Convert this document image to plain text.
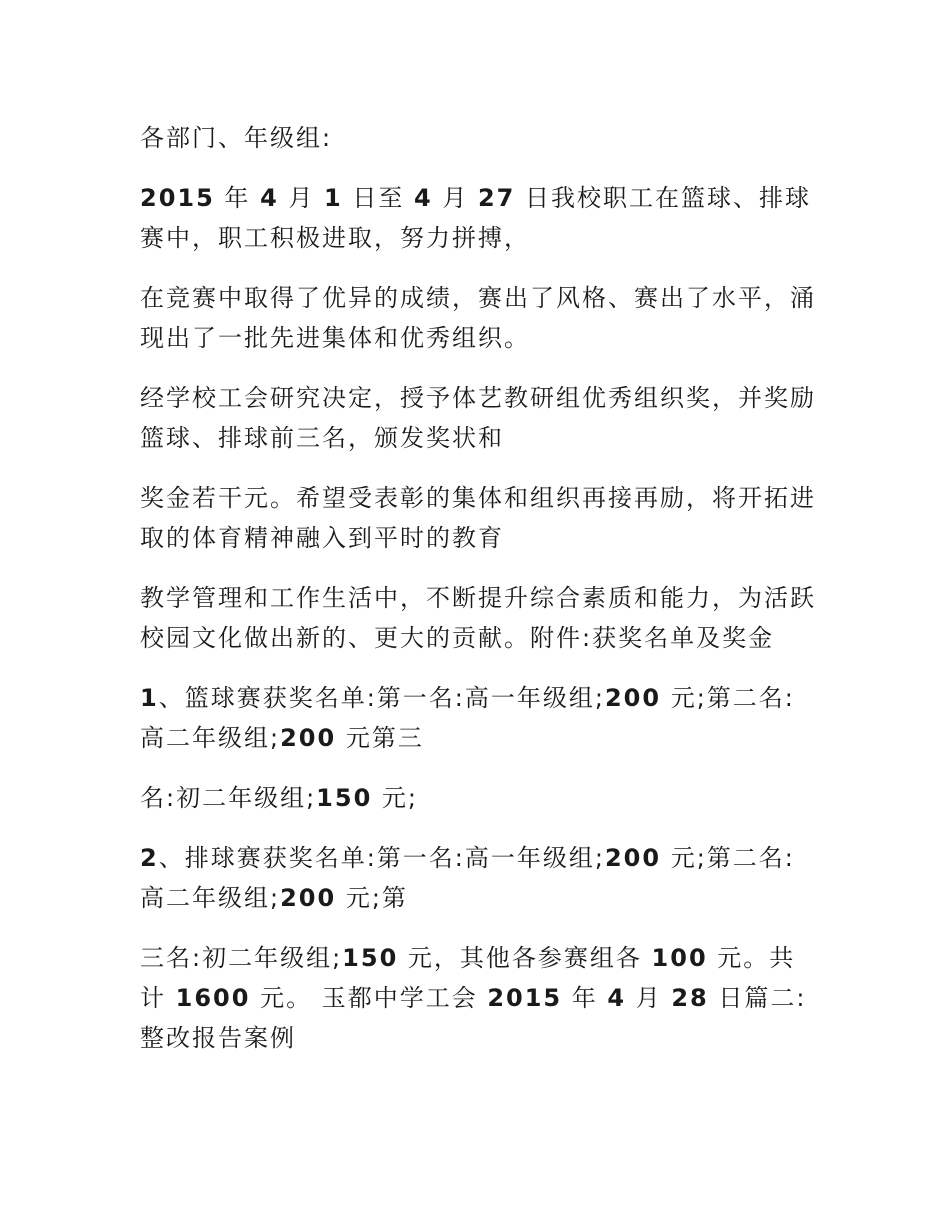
各部门、年级组:

2015 年 4 月 1 日至 4 月 27 日我校职工在篮球、排球赛中，职工积极进取，努力拼搏，

在竞赛中取得了优异的成绩，赛出了风格、赛出了水平，涌现出了一批先进集体和优秀组织。

经学校工会研究决定，授予体艺教研组优秀组织奖，并奖励篮球、排球前三名，颁发奖状和

奖金若干元。希望受表彰的集体和组织再接再励，将开拓进取的体育精神融入到平时的教育

教学管理和工作生活中，不断提升综合素质和能力，为活跃校园文化做出新的、更大的贡献。附件:获奖名单及奖金

1、篮球赛获奖名单:第一名:高一年级组;200 元;第二名:高二年级组;200 元第三

名:初二年级组;150 元;

2、排球赛获奖名单:第一名:高一年级组;200 元;第二名:高二年级组;200 元;第

三名:初二年级组;150 元，其他各参赛组各 100 元。共计 1600 元。 玉都中学工会 2015 年 4 月 28 日篇二:整改报告案例
